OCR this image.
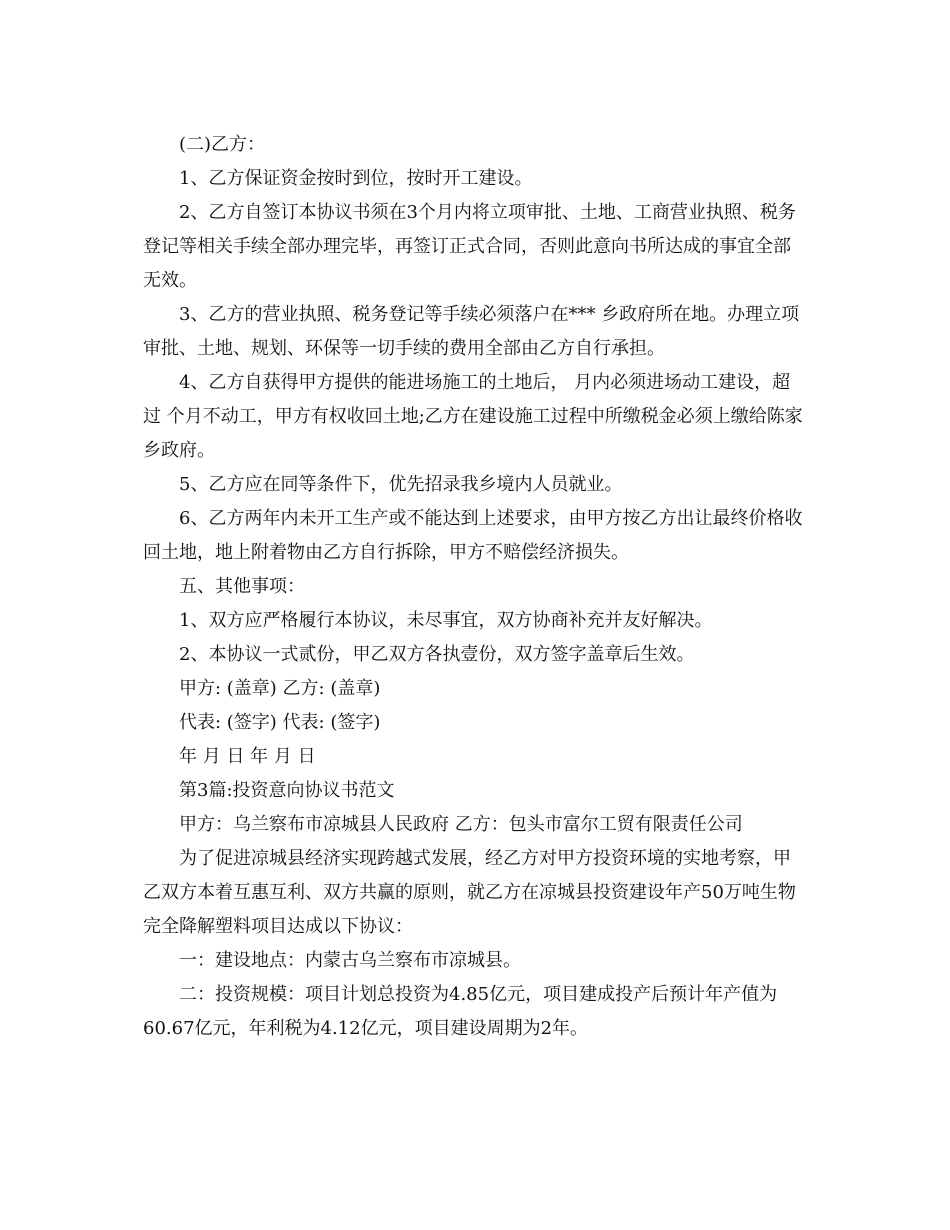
(二)乙方：

1、乙方保证资金按时到位，按时开工建设。

2、乙方自签订本协议书须在3个月内将立项审批、土地、工商营业执照、税务登记等相关手续全部办理完毕，再签订正式合同，否则此意向书所达成的事宜全部无效。

3、乙方的营业执照、税务登记等手续必须落户在*** 乡政府所在地。办理立项审批、土地、规划、环保等一切手续的费用全部由乙方自行承担。

4、乙方自获得甲方提供的能进场施工的土地后， 月内必须进场动工建设，超过 个月不动工，甲方有权收回土地;乙方在建设施工过程中所缴税金必须上缴给陈家乡政府。

5、乙方应在同等条件下，优先招录我乡境内人员就业。

6、乙方两年内未开工生产或不能达到上述要求，由甲方按乙方出让最终价格收回土地，地上附着物由乙方自行拆除，甲方不赔偿经济损失。

五、其他事项：

1、双方应严格履行本协议，未尽事宜，双方协商补充并友好解决。

2、本协议一式贰份，甲乙双方各执壹份，双方签字盖章后生效。

甲方: (盖章) 乙方: (盖章)

代表: (签字) 代表: (签字)

年 月 日 年 月 日

第3篇:投资意向协议书范文

甲方：乌兰察布市凉城县人民政府 乙方：包头市富尔工贸有限责任公司

为了促进凉城县经济实现跨越式发展，经乙方对甲方投资环境的实地考察，甲乙双方本着互惠互利、双方共赢的原则，就乙方在凉城县投资建设年产50万吨生物完全降解塑料项目达成以下协议：

一：建设地点：内蒙古乌兰察布市凉城县。

二：投资规模：项目计划总投资为4.85亿元，项目建成投产后预计年产值为60.67亿元，年利税为4.12亿元，项目建设周期为2年。
